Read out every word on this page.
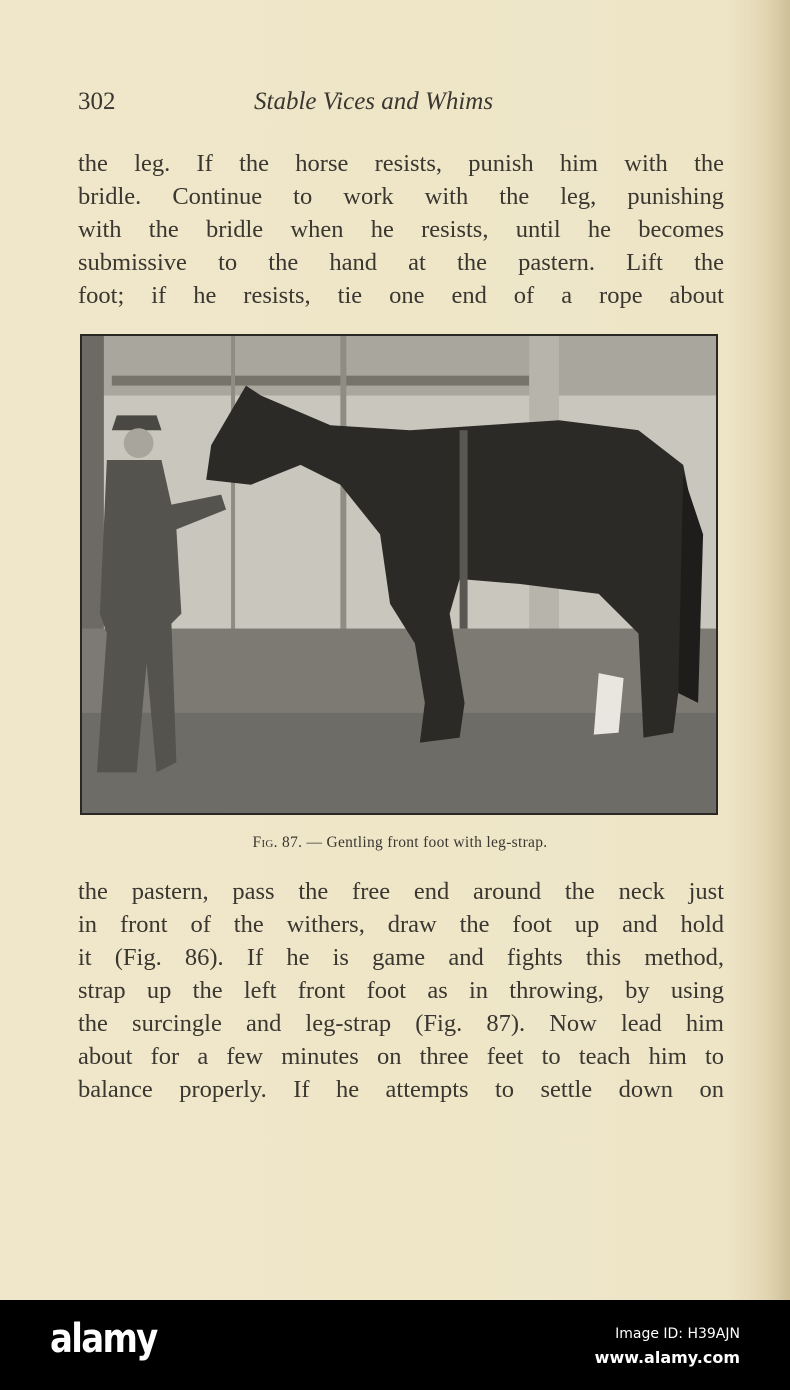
302	Stable Vices and Whims
the leg. If the horse resists, punish him with the
bridle. Continue to work with the leg, punishing
with the bridle when he resists, until he becomes
submissive to the hand at the pastern. Lift the
foot; if he resists, tie one end of a rope about
Fig. 87. — Gentling front foot with leg-strap.
the pastern, pass the free end around the neck just
in front of the withers, draw the foot up and hold
it (Fig. 86). If he is game and fights this method,
strap up the left front foot as in throwing, by using
the surcingle and leg-strap (Fig. 87). Now lead him
about for a few minutes on three feet to teach him to
balance properly. If he attempts to settle down on
alamy	Image ID: H39AJN
www.alamy.com
